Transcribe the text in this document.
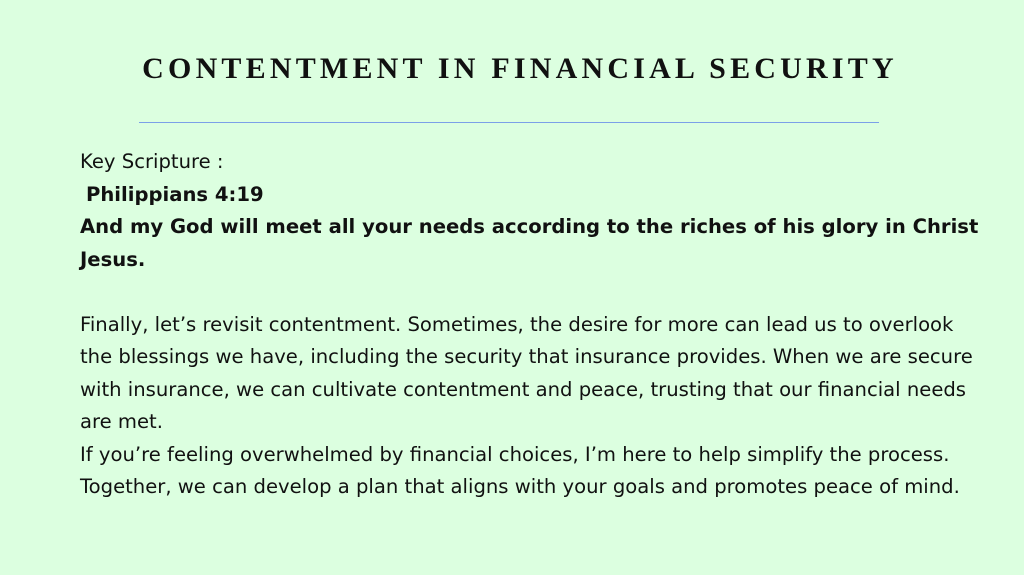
CONTENTMENT IN FINANCIAL SECURITY

Key Scripture :

Philippians 4:19

And my God will meet all your needs according to the riches of his glory in Christ Jesus.

Finally, let’s revisit contentment. Sometimes, the desire for more can lead us to overlook the blessings we have, including the security that insurance provides. When we are secure with insurance, we can cultivate contentment and peace, trusting that our financial needs are met.

If you’re feeling overwhelmed by financial choices, I’m here to help simplify the process.

Together, we can develop a plan that aligns with your goals and promotes peace of mind.
